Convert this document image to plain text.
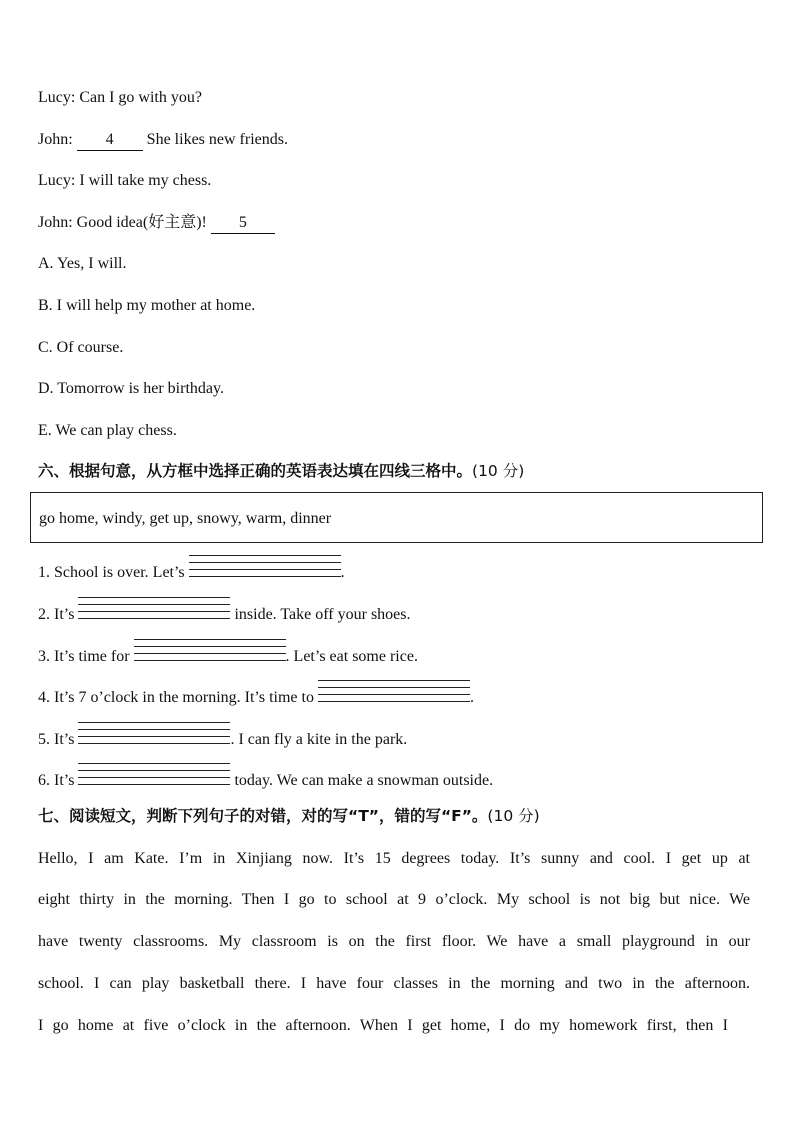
Lucy: Can I go with you?
John: 4 She likes new friends.
Lucy: I will take my chess.
John: Good idea(好主意)! 5
A. Yes, I will.
B. I will help my mother at home.
C. Of course.
D. Tomorrow is her birthday.
E. We can play chess.
六、根据句意，从方框中选择正确的英语表达填在四线三格中。(10 分)
go home, windy, get up, snowy, warm, dinner
1. School is over. Let’s	.
2. It’s	inside. Take off your shoes.
3. It’s time for	. Let’s eat some rice.
4. It’s 7 o’clock in the morning. It’s time to	.
5. It’s	. I can fly a kite in the park.
6. It’s	today. We can make a snowman outside.
七、阅读短文，判断下列句子的对错，对的写“T”，错的写“F”。(10 分)
Hello, I am Kate. I’m in Xinjiang now. It’s 15 degrees today. It’s sunny and cool. I get up at
eight thirty in the morning. Then I go to school at 9 o’clock. My school is not big but nice. We
have twenty classrooms. My classroom is on the first floor. We have a small playground in our
school. I can play basketball there. I have four classes in the morning and two in the afternoon.
I go home at five o’clock in the afternoon. When I get home, I do my homework first, then I
